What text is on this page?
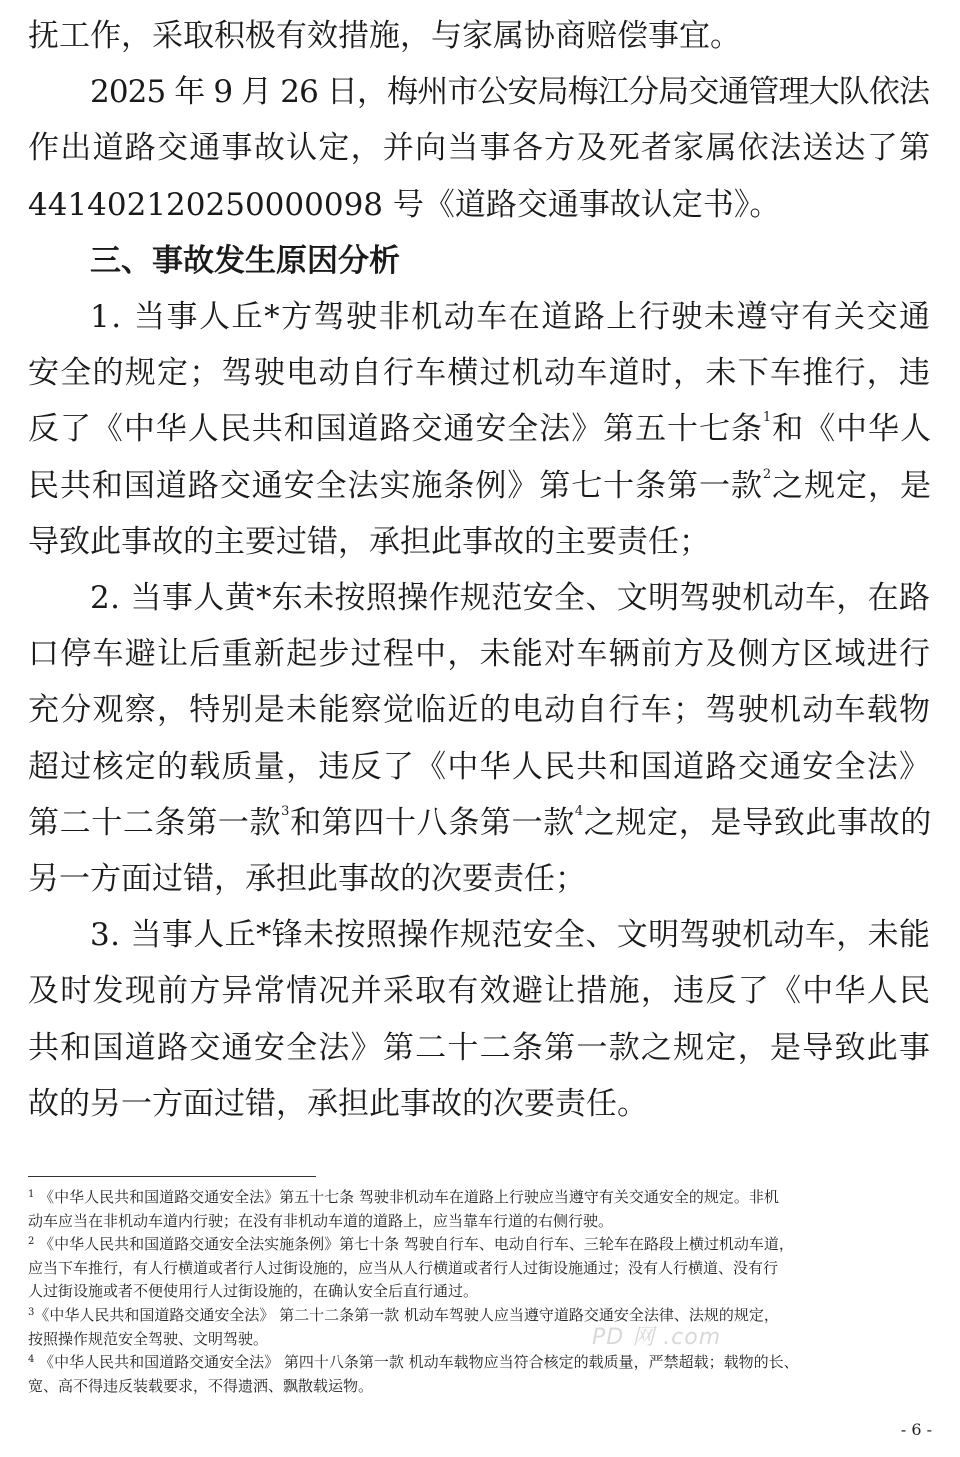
抚工作，采取积极有效措施，与家属协商赔偿事宜。
2025 年 9 月 26 日，梅州市公安局梅江分局交通管理大队依法
作出道路交通事故认定，并向当事各方及死者家属依法送达了第
441402120250000098 号《道路交通事故认定书》。
三、事故发生原因分析
1. 当事人丘*方驾驶非机动车在道路上行驶未遵守有关交通
安全的规定；驾驶电动自行车横过机动车道时，未下车推行，违
反了《中华人民共和国道路交通安全法》第五十七条$^1$和《中华人
民共和国道路交通安全法实施条例》第七十条第一款$^2$之规定，是
导致此事故的主要过错，承担此事故的主要责任；
2. 当事人黄*东未按照操作规范安全、文明驾驶机动车，在路
口停车避让后重新起步过程中，未能对车辆前方及侧方区域进行
充分观察，特别是未能察觉临近的电动自行车；驾驶机动车载物
超过核定的载质量，违反了《中华人民共和国道路交通安全法》
第二十二条第一款$^3$和第四十八条第一款$^4$之规定，是导致此事故的
另一方面过错，承担此事故的次要责任；
3. 当事人丘*锋未按照操作规范安全、文明驾驶机动车，未能
及时发现前方异常情况并采取有效避让措施，违反了《中华人民
共和国道路交通安全法》第二十二条第一款之规定，是导致此事
故的另一方面过错，承担此事故的次要责任。
$^1$ 《中华人民共和国道路交通安全法》第五十七条 驾驶非机动车在道路上行驶应当遵守有关交通安全的规定。非机
动车应当在非机动车道内行驶；在没有非机动车道的道路上，应当靠车行道的右侧行驶。
$^2$ 《中华人民共和国道路交通安全法实施条例》第七十条 驾驶自行车、电动自行车、三轮车在路段上横过机动车道，
应当下车推行，有人行横道或者行人过街设施的，应当从人行横道或者行人过街设施通过；没有人行横道、没有行
人过街设施或者不便使用行人过街设施的，在确认安全后直行通过。
$^3$《中华人民共和国道路交通安全法》 第二十二条第一款 机动车驾驶人应当遵守道路交通安全法律、法规的规定，
按照操作规范安全驾驶、文明驾驶。
$^4$ 《中华人民共和国道路交通安全法》 第四十八条第一款 机动车载物应当符合核定的载质量，严禁超载；载物的长、
宽、高不得违反装载要求，不得遗洒、飘散载运物。
PD 网 .com
- 6 -
